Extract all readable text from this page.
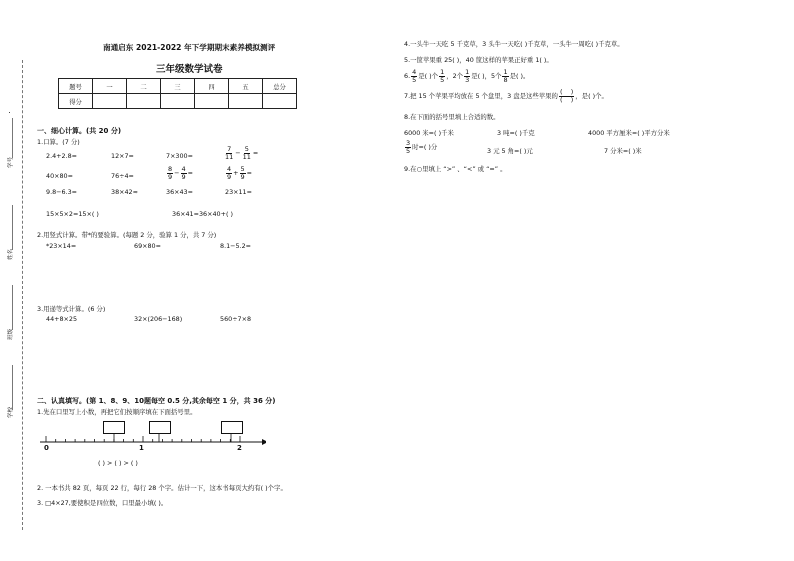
学号
姓名
班级
学校
南通启东 2021-2022 年下学期期末素养模拟测评
三年级数学试卷
题号	一	二	三	四	五	总分
得分						
一、细心计算。(共 20 分)
1.口算。(7 分)
2.4+2.8=	12×7=	7×300=	$\frac{7}{11} - \frac{5}{11}$ =
40×80=	76÷4=	$\frac{8}{9} - \frac{4}{9}$ =	$\frac{4}{9} + \frac{5}{9}$ =
9.8−6.3=	38×42≈	36×43=	23×11=
15×5×2=15×( )	36×41=36×40+( )
2.用竖式计算。带*的要验算。(每题 2 分，验算 1 分，共 7 分)
*23×14=	69×80=	8.1−5.2=
3.用递等式计算。(6 分)
44+8×25	32×(206−168)	560÷7×8
二、认真填写。(第 1、8、9、10题每空 0.5 分,其余每空 1 分，共 36 分)
1.先在口里写上小数，再把它们按顺序填在下面括号里。
0	1	2
( ) > ( ) > ( )
2. 一本书共 82 页，每页 22 行，每行 28 个字。估计一下，这本书每页大约有( )个字。
3. □4×27,要使积是四位数，口里最小填( )。
4.一头牛一天吃 5 千克草，3 头牛一天吃( )千克草，一头牛一周吃( )千克草。
5.一筐苹果重 25( )，40 筐这样的苹果正好重 1( )。
6. $\frac{4}{5}$ 是( )个 $\frac{1}{5}$ ，2个 $\frac{1}{3}$ 是( )，5个 $\frac{1}{8}$ 是( )。
7.把 15 个苹果平均放在 5 个盘里，3 盘是这些苹果的 $\frac{( )}{( )}$ ，是( )个。
8.在下面的括号里填上合适的数。
6000 米=( )千米	3 吨=( )千克	4000 平方厘米=( )平方分米
$\frac{3}{5}$ 时=( )分	3 元 5 角=( )元	7 分米=( )米
9.在○里填上 “>” 、“<” 或 “=” 。
